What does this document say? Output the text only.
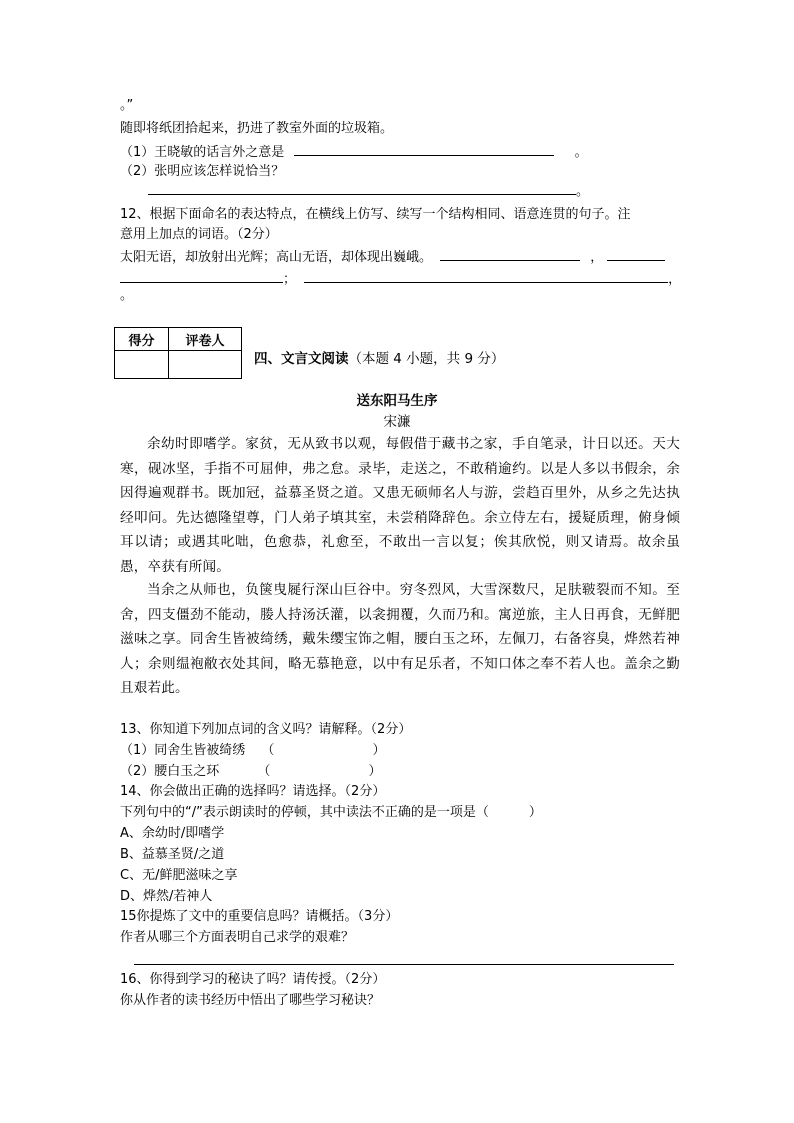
。”
随即将纸团拾起来，扔进了教室外面的垃圾箱。
（1）王晓敏的话言外之意是	。
（2）张明应该怎样说恰当？
。
12、根据下面命名的表达特点，在横线上仿写、续写一个结构相同、语意连贯的句子。注
意用上加点的词语。（2分）
太阳无语，却放射出光辉；高山无语，却体现出巍峨。	，
；	，
。
得分	评卷人

四、文言文阅读（本题 4 小题，共 9 分）
送东阳马生序
宋濂
余幼时即嗜学。家贫，无从致书以观，每假借于藏书之家，手自笔录，计日以还。天大寒，砚冰坚，手指不可屈伸，弗之怠。录毕，走送之，不敢稍逾约。以是人多以书假余，余因得遍观群书。既加冠，益慕圣贤之道。又患无硕师名人与游，尝趋百里外，从乡之先达执经叩问。先达德隆望尊，门人弟子填其室，未尝稍降辞色。余立侍左右，援疑质理，俯身倾耳以请；或遇其叱咄，色愈恭，礼愈至，不敢出一言以复；俟其欣悦，则又请焉。故余虽愚，卒获有所闻。
当余之从师也，负箧曳屣行深山巨谷中。穷冬烈风，大雪深数尺，足肤皲裂而不知。至舍，四支僵劲不能动，媵人持汤沃灌，以衾拥覆，久而乃和。寓逆旅，主人日再食，无鲜肥滋味之享。同舍生皆被绮绣，戴朱缨宝饰之帽，腰白玉之环，左佩刀，右备容臭，烨然若神人；余则缊袍敝衣处其间，略无慕艳意，以中有足乐者，不知口体之奉不若人也。盖余之勤且艰若此。
13、你知道下列加点词的含义吗？请解释。（2分）
（1）同舍生皆被绮绣 （	）
（2）腰白玉之环	（	）
14、你会做出正确的选择吗？请选择。（2分）
下列句中的“/”表示朗读时的停顿，其中读法不正确的是一项是（	）
A、余幼时/即嗜学
B、益慕圣贤/之道
C、无/鲜肥滋味之享
D、烨然/若神人
15你提炼了文中的重要信息吗？请概括。（3分）
作者从哪三个方面表明自己求学的艰难？
16、你得到学习的秘诀了吗？请传授。（2分）
你从作者的读书经历中悟出了哪些学习秘诀？
